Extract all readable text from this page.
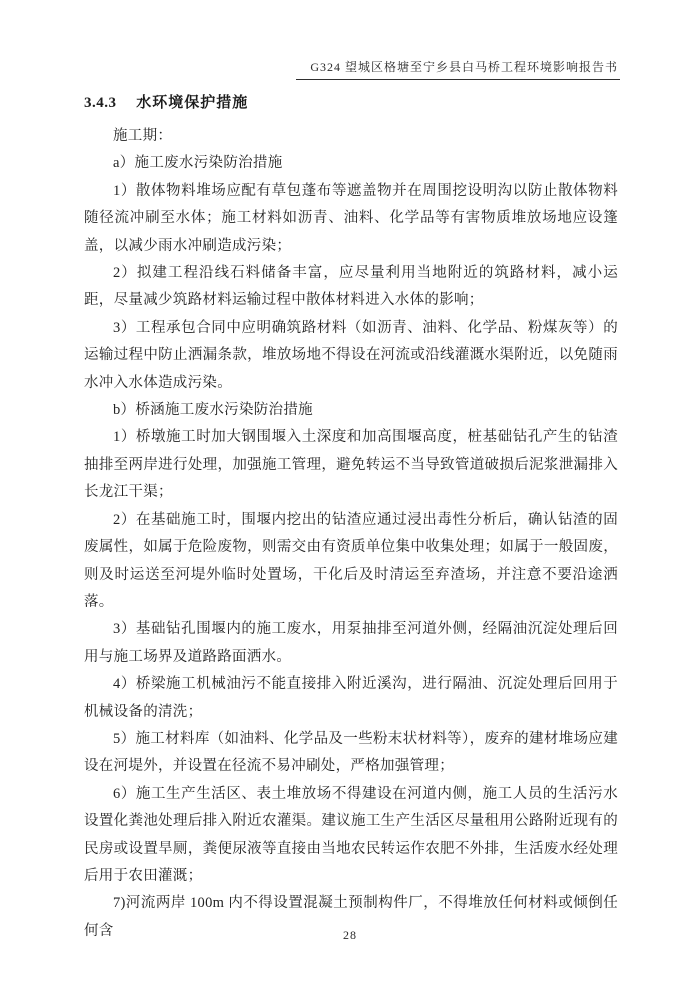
G324 望城区格塘至宁乡县白马桥工程环境影响报告书
3.4.3 水环境保护措施

施工期：

a）施工废水污染防治措施

1）散体物料堆场应配有草包蓬布等遮盖物并在周围挖设明沟以防止散体物料随径流冲刷至水体；施工材料如沥青、油料、化学品等有害物质堆放场地应设篷盖，以减少雨水冲刷造成污染；

2）拟建工程沿线石料储备丰富，应尽量利用当地附近的筑路材料，减小运距，尽量减少筑路材料运输过程中散体材料进入水体的影响；

3）工程承包合同中应明确筑路材料（如沥青、油料、化学品、粉煤灰等）的运输过程中防止洒漏条款，堆放场地不得设在河流或沿线灌溉水渠附近，以免随雨水冲入水体造成污染。

b）桥涵施工废水污染防治措施

1）桥墩施工时加大钢围堰入土深度和加高围堰高度，桩基础钻孔产生的钻渣抽排至两岸进行处理，加强施工管理，避免转运不当导致管道破损后泥浆泄漏排入长龙江干渠；

2）在基础施工时，围堰内挖出的钻渣应通过浸出毒性分析后，确认钻渣的固废属性，如属于危险废物，则需交由有资质单位集中收集处理；如属于一般固废，则及时运送至河堤外临时处置场，干化后及时清运至弃渣场，并注意不要沿途洒落。

3）基础钻孔围堰内的施工废水，用泵抽排至河道外侧，经隔油沉淀处理后回用与施工场界及道路路面洒水。

4）桥梁施工机械油污不能直接排入附近溪沟，进行隔油、沉淀处理后回用于机械设备的清洗；

5）施工材料库（如油料、化学品及一些粉末状材料等），废弃的建材堆场应建设在河堤外，并设置在径流不易冲刷处，严格加强管理；

6）施工生产生活区、表土堆放场不得建设在河道内侧，施工人员的生活污水设置化粪池处理后排入附近农灌渠。建议施工生产生活区尽量租用公路附近现有的民房或设置旱厕，粪便尿液等直接由当地农民转运作农肥不外排，生活废水经处理后用于农田灌溉；

7)河流两岸 100m 内不得设置混凝土预制构件厂，不得堆放任何材料或倾倒任何含	28
